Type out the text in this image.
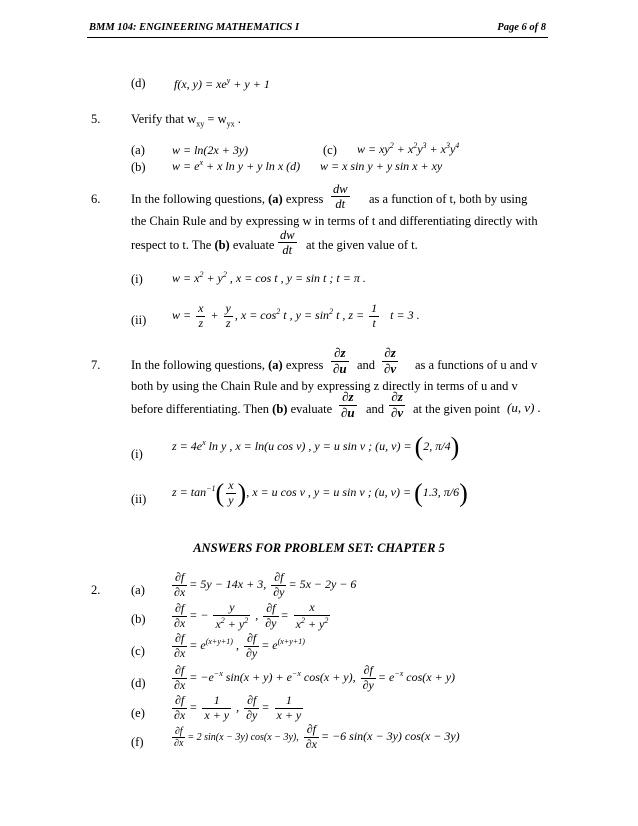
BMM 104: ENGINEERING MATHEMATICS I	Page 6 of 8
(d) f(x, $y) = xe^y + y + 1$
5. Verify that $w_{xy} = w_{yx}$ .
(a) w = ln(2x + 3y)	(c) $w = xy^2 + x^2y^3 + x^3y^4$
(b) $w = e^x + x$ ln y + y ln x (d) w = x sin y + y sin x + xy
6. In the following questions, (a) express $\frac{dw}{dt}$ as a function of t, both by using
the Chain Rule and by expressing w in terms of t and differentiating directly with
respect to t. The (b) evaluate $\frac{dw}{dt}$ at the given value of t.
(i) $w = x^2 + y^2$ , x = cos t , y = sin t ; t = π .
(ii) $w = \frac{x}{z} + \frac{y}{z}$ , $x = \cos^2 t$ , $y = \sin^2 t$ , $z = \frac{1}{t}$ t = 3 .
7. In the following questions, (a) express $\frac{\partial z}{\partial u}$ and $\frac{\partial z}{\partial v}$ as a functions of u and v
both by using the Chain Rule and by expressing z directly in terms of u and v
before differentiating. Then (b) evaluate $\frac{\partial z}{\partial u}$ and $\frac{\partial z}{\partial v}$ at the given point (u, v) .
(i)
$z = 4e^x$ ln y , x = ln(u cos v) , y = u sin v ; (u, v) = (2, π/4)
(ii) $z = \tan^{-1}( \frac{x}{y}$ ), x = u cos v , y = u sin v ; (u, v) = (1.3, π/6)
ANSWERS FOR PROBLEM SET: CHAPTER 5
2. $(a) \frac{\partial f}{\partial x} = 5y - 14x + 3$, $\frac{\partial f}{\partial y} = 5x - 2y - 6$
$(b) \frac{\partial f}{\partial x}$ = − $\frac{y}{x^2 + y^2}$ , $\frac{\partial f}{\partial y} = \frac{x}{x^2 + y^2}$
$(c) \frac{\partial f}{\partial x} = e^{(x+y+1)}$ , $\frac{\partial f}{\partial y} = e^{(x+y+1)}$
$(d) \frac{\partial f}{\partial x} = -e^{-x}$ $\sin(x + y) + e^{-x}$ cos(x + y), $\frac{\partial f}{\partial y} = e^{-x}$ cos(x + y)
$(e) \frac{\partial f}{\partial x} = \frac{1}{x + y}$ , $\frac{\partial f}{\partial y} = \frac{1}{x + y}$
(f)	$\frac{\partial f}{\partial x} = 2$ sin(x − 3y) cos(x − 3y), $\frac{\partial f}{\partial x} = -6$ sin(x − 3y) cos(x − 3y)
